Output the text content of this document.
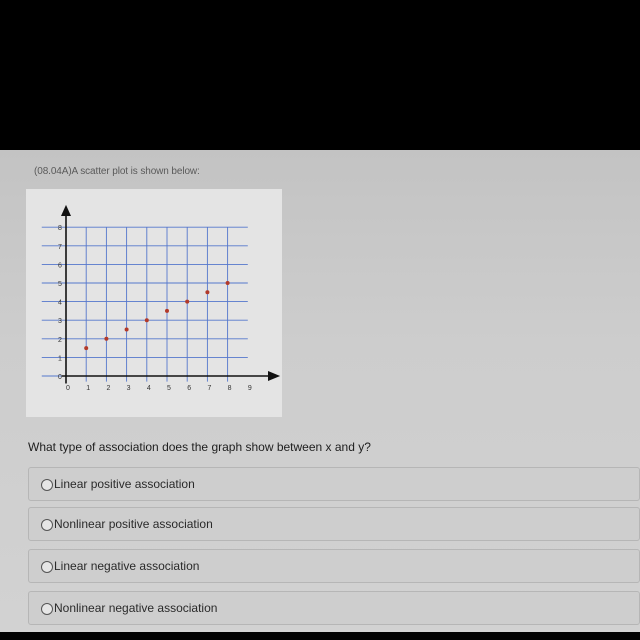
(08.04A)A scatter plot is shown below:
0 1 2 3 4 5 6 7 8 9
0
1
2
3
4
5
6
7
8
What type of association does the graph show between x and y?
Linear positive association
Nonlinear positive association
Linear negative association
Nonlinear negative association
